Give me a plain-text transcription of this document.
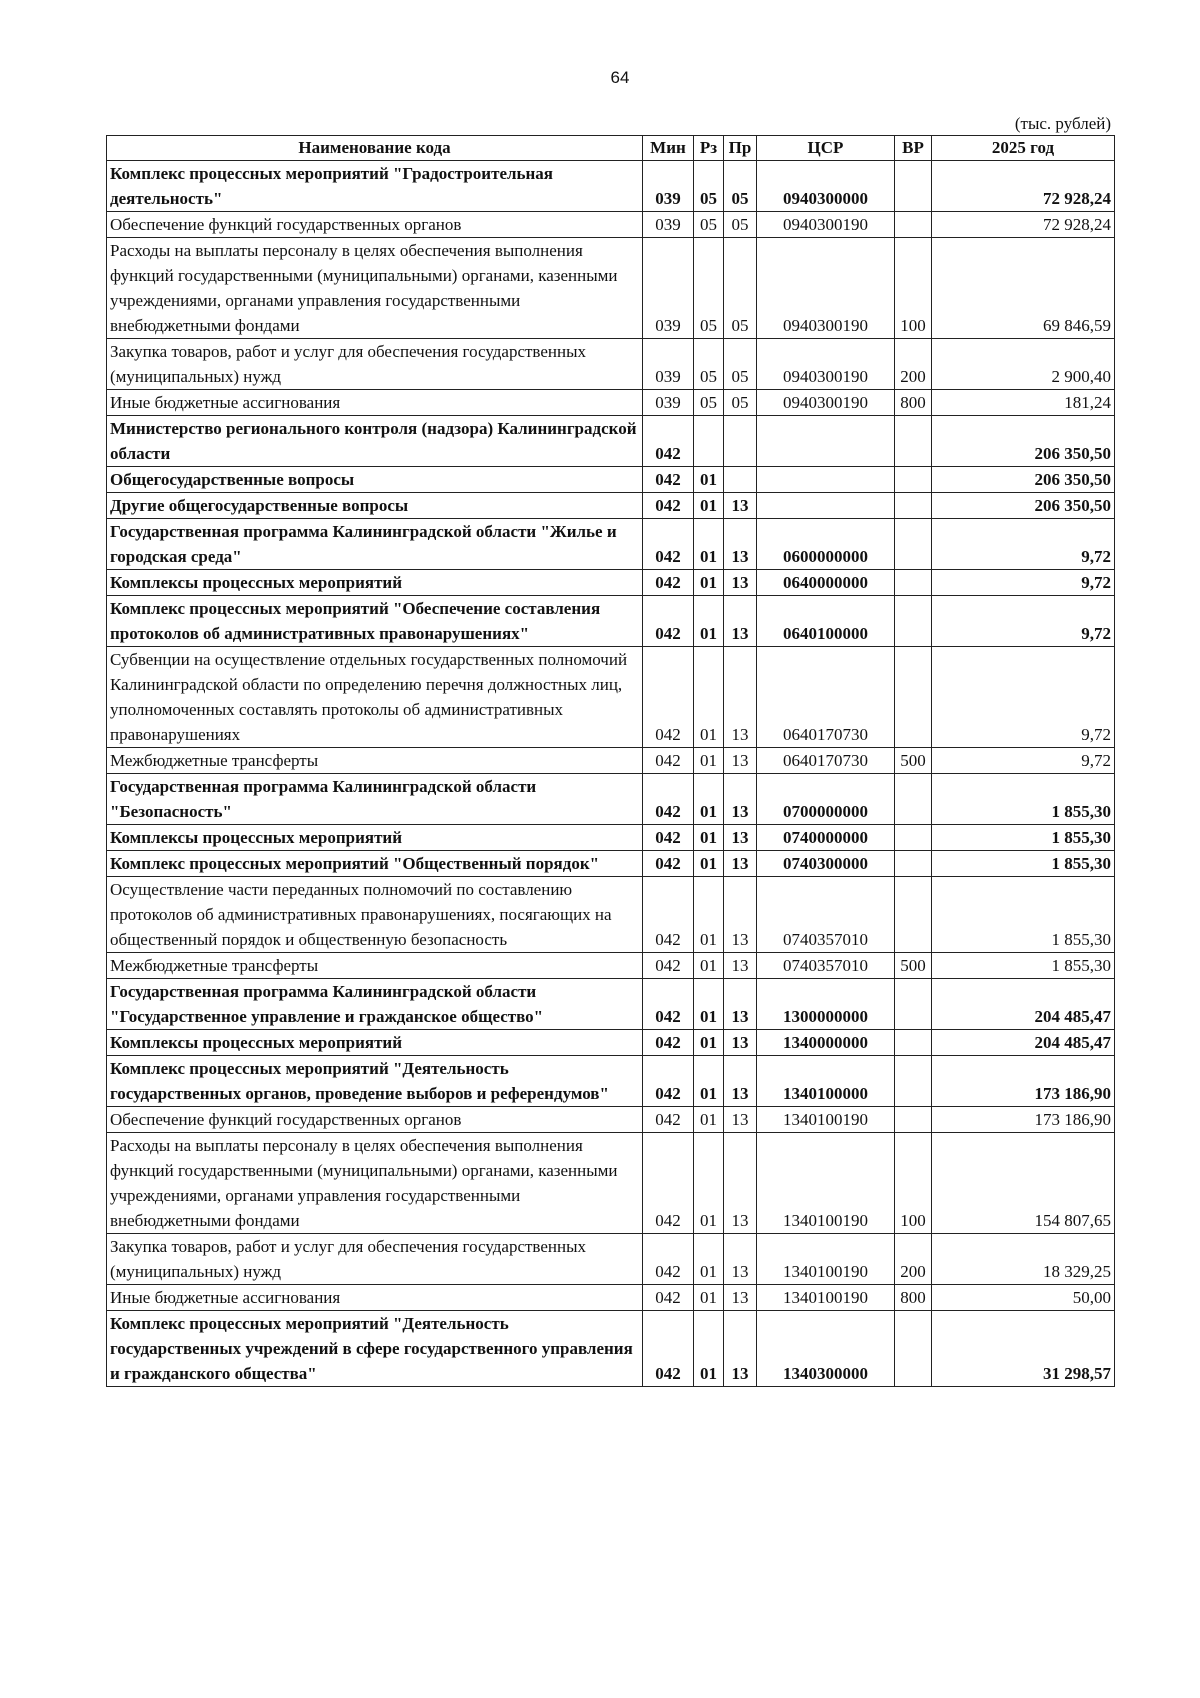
64
(тыс. рублей)
Наименование кода	Мин	Рз	Пр	ЦСР	ВР	2025 год
Комплекс процессных мероприятий "Градостроительная деятельность"	039	05	05	0940300000		72 928,24
Обеспечение функций государственных органов	039	05	05	0940300190		72 928,24
Расходы на выплаты персоналу в целях обеспечения выполнения функций государственными (муниципальными) органами, казенными учреждениями, органами управления государственными внебюджетными фондами	039	05	05	0940300190	100	69 846,59
Закупка товаров, работ и услуг для обеспечения государственных (муниципальных) нужд	039	05	05	0940300190	200	2 900,40
Иные бюджетные ассигнования	039	05	05	0940300190	800	181,24
Министерство регионального контроля (надзора) Калининградской области	042					206 350,50
Общегосударственные вопросы	042	01				206 350,50
Другие общегосударственные вопросы	042	01	13			206 350,50
Государственная программа Калининградской области "Жилье и городская среда"	042	01	13	0600000000		9,72
Комплексы процессных мероприятий	042	01	13	0640000000		9,72
Комплекс процессных мероприятий "Обеспечение составления протоколов об административных правонарушениях"	042	01	13	0640100000		9,72
Субвенции на осуществление отдельных государственных полномочий Калининградской области по определению перечня должностных лиц, уполномоченных составлять протоколы об административных правонарушениях	042	01	13	0640170730		9,72
Межбюджетные трансферты	042	01	13	0640170730	500	9,72
Государственная программа Калининградской области "Безопасность"	042	01	13	0700000000		1 855,30
Комплексы процессных мероприятий	042	01	13	0740000000		1 855,30
Комплекс процессных мероприятий "Общественный порядок"	042	01	13	0740300000		1 855,30
Осуществление части переданных полномочий по составлению протоколов об административных правонарушениях, посягающих на общественный порядок и общественную безопасность	042	01	13	0740357010		1 855,30
Межбюджетные трансферты	042	01	13	0740357010	500	1 855,30
Государственная программа Калининградской области "Государственное управление и гражданское общество"	042	01	13	1300000000		204 485,47
Комплексы процессных мероприятий	042	01	13	1340000000		204 485,47
Комплекс процессных мероприятий "Деятельность государственных органов, проведение выборов и референдумов"	042	01	13	1340100000		173 186,90
Обеспечение функций государственных органов	042	01	13	1340100190		173 186,90
Расходы на выплаты персоналу в целях обеспечения выполнения функций государственными (муниципальными) органами, казенными учреждениями, органами управления государственными внебюджетными фондами	042	01	13	1340100190	100	154 807,65
Закупка товаров, работ и услуг для обеспечения государственных (муниципальных) нужд	042	01	13	1340100190	200	18 329,25
Иные бюджетные ассигнования	042	01	13	1340100190	800	50,00
Комплекс процессных мероприятий "Деятельность государственных учреждений в сфере государственного управления и гражданского общества"	042	01	13	1340300000		31 298,57
